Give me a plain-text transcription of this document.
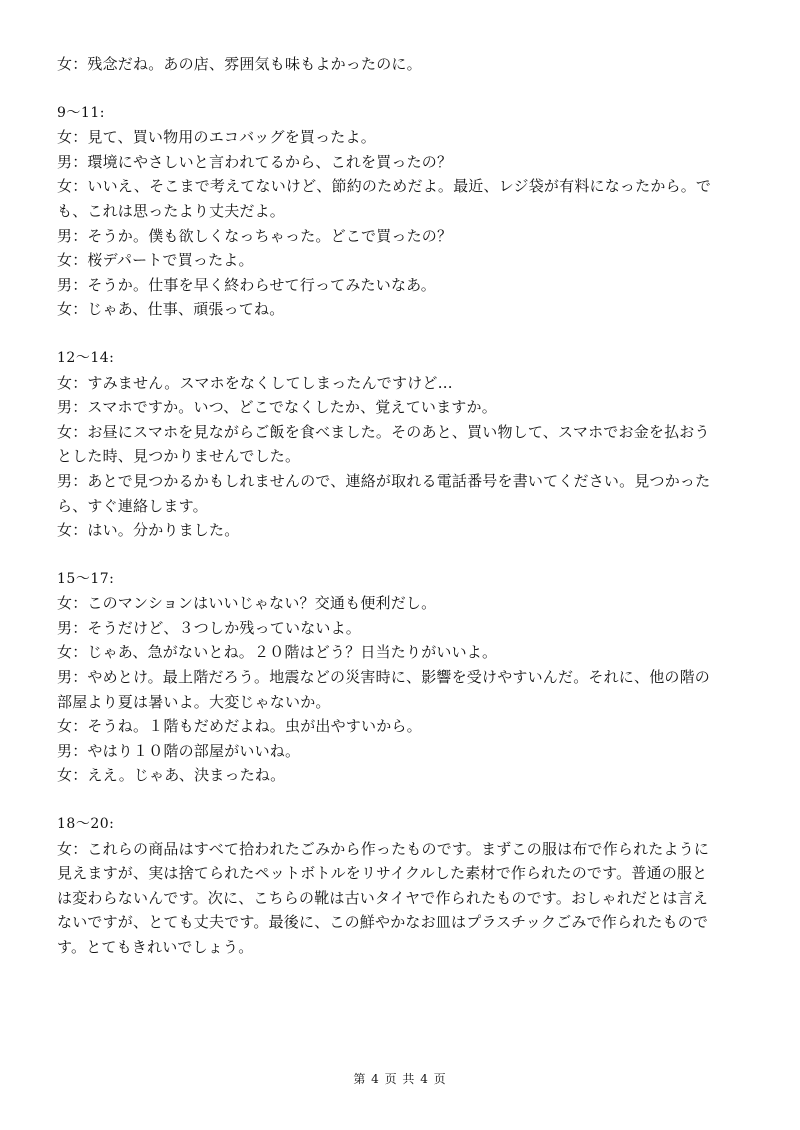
女：残念だね。あの店、雰囲気も味もよかったのに。
9～11:
女：見て、買い物用のエコバッグを買ったよ。
男：環境にやさしいと言われてるから、これを買ったの？
女：いいえ、そこまで考えてないけど、節約のためだよ。最近、レジ袋が有料になったから。で
も、これは思ったより丈夫だよ。
男：そうか。僕も欲しくなっちゃった。どこで買ったの？
女：桜デパートで買ったよ。
男：そうか。仕事を早く終わらせて行ってみたいなあ。
女：じゃあ、仕事、頑張ってね。
12～14:
女：すみません。スマホをなくしてしまったんですけど…
男：スマホですか。いつ、どこでなくしたか、覚えていますか。
女：お昼にスマホを見ながらご飯を食べました。そのあと、買い物して、スマホでお金を払おう
とした時、見つかりませんでした。
男：あとで見つかるかもしれませんので、連絡が取れる電話番号を書いてください。見つかった
ら、すぐ連絡します。
女：はい。分かりました。
15～17:
女：このマンションはいいじゃない？交通も便利だし。
男：そうだけど、３つしか残っていないよ。
女：じゃあ、急がないとね。２０階はどう？日当たりがいいよ。
男：やめとけ。最上階だろう。地震などの災害時に、影響を受けやすいんだ。それに、他の階の
部屋より夏は暑いよ。大変じゃないか。
女：そうね。１階もだめだよね。虫が出やすいから。
男：やはり１０階の部屋がいいね。
女：ええ。じゃあ、決まったね。
18～20:
女：これらの商品はすべて拾われたごみから作ったものです。まずこの服は布で作られたように
見えますが、実は捨てられたペットボトルをリサイクルした素材で作られたのです。普通の服と
は変わらないんです。次に、こちらの靴は古いタイヤで作られたものです。おしゃれだとは言え
ないですが、とても丈夫です。最後に、この鮮やかなお皿はプラスチックごみで作られたもので
す。とてもきれいでしょう。
第 4 页 共 4 页
